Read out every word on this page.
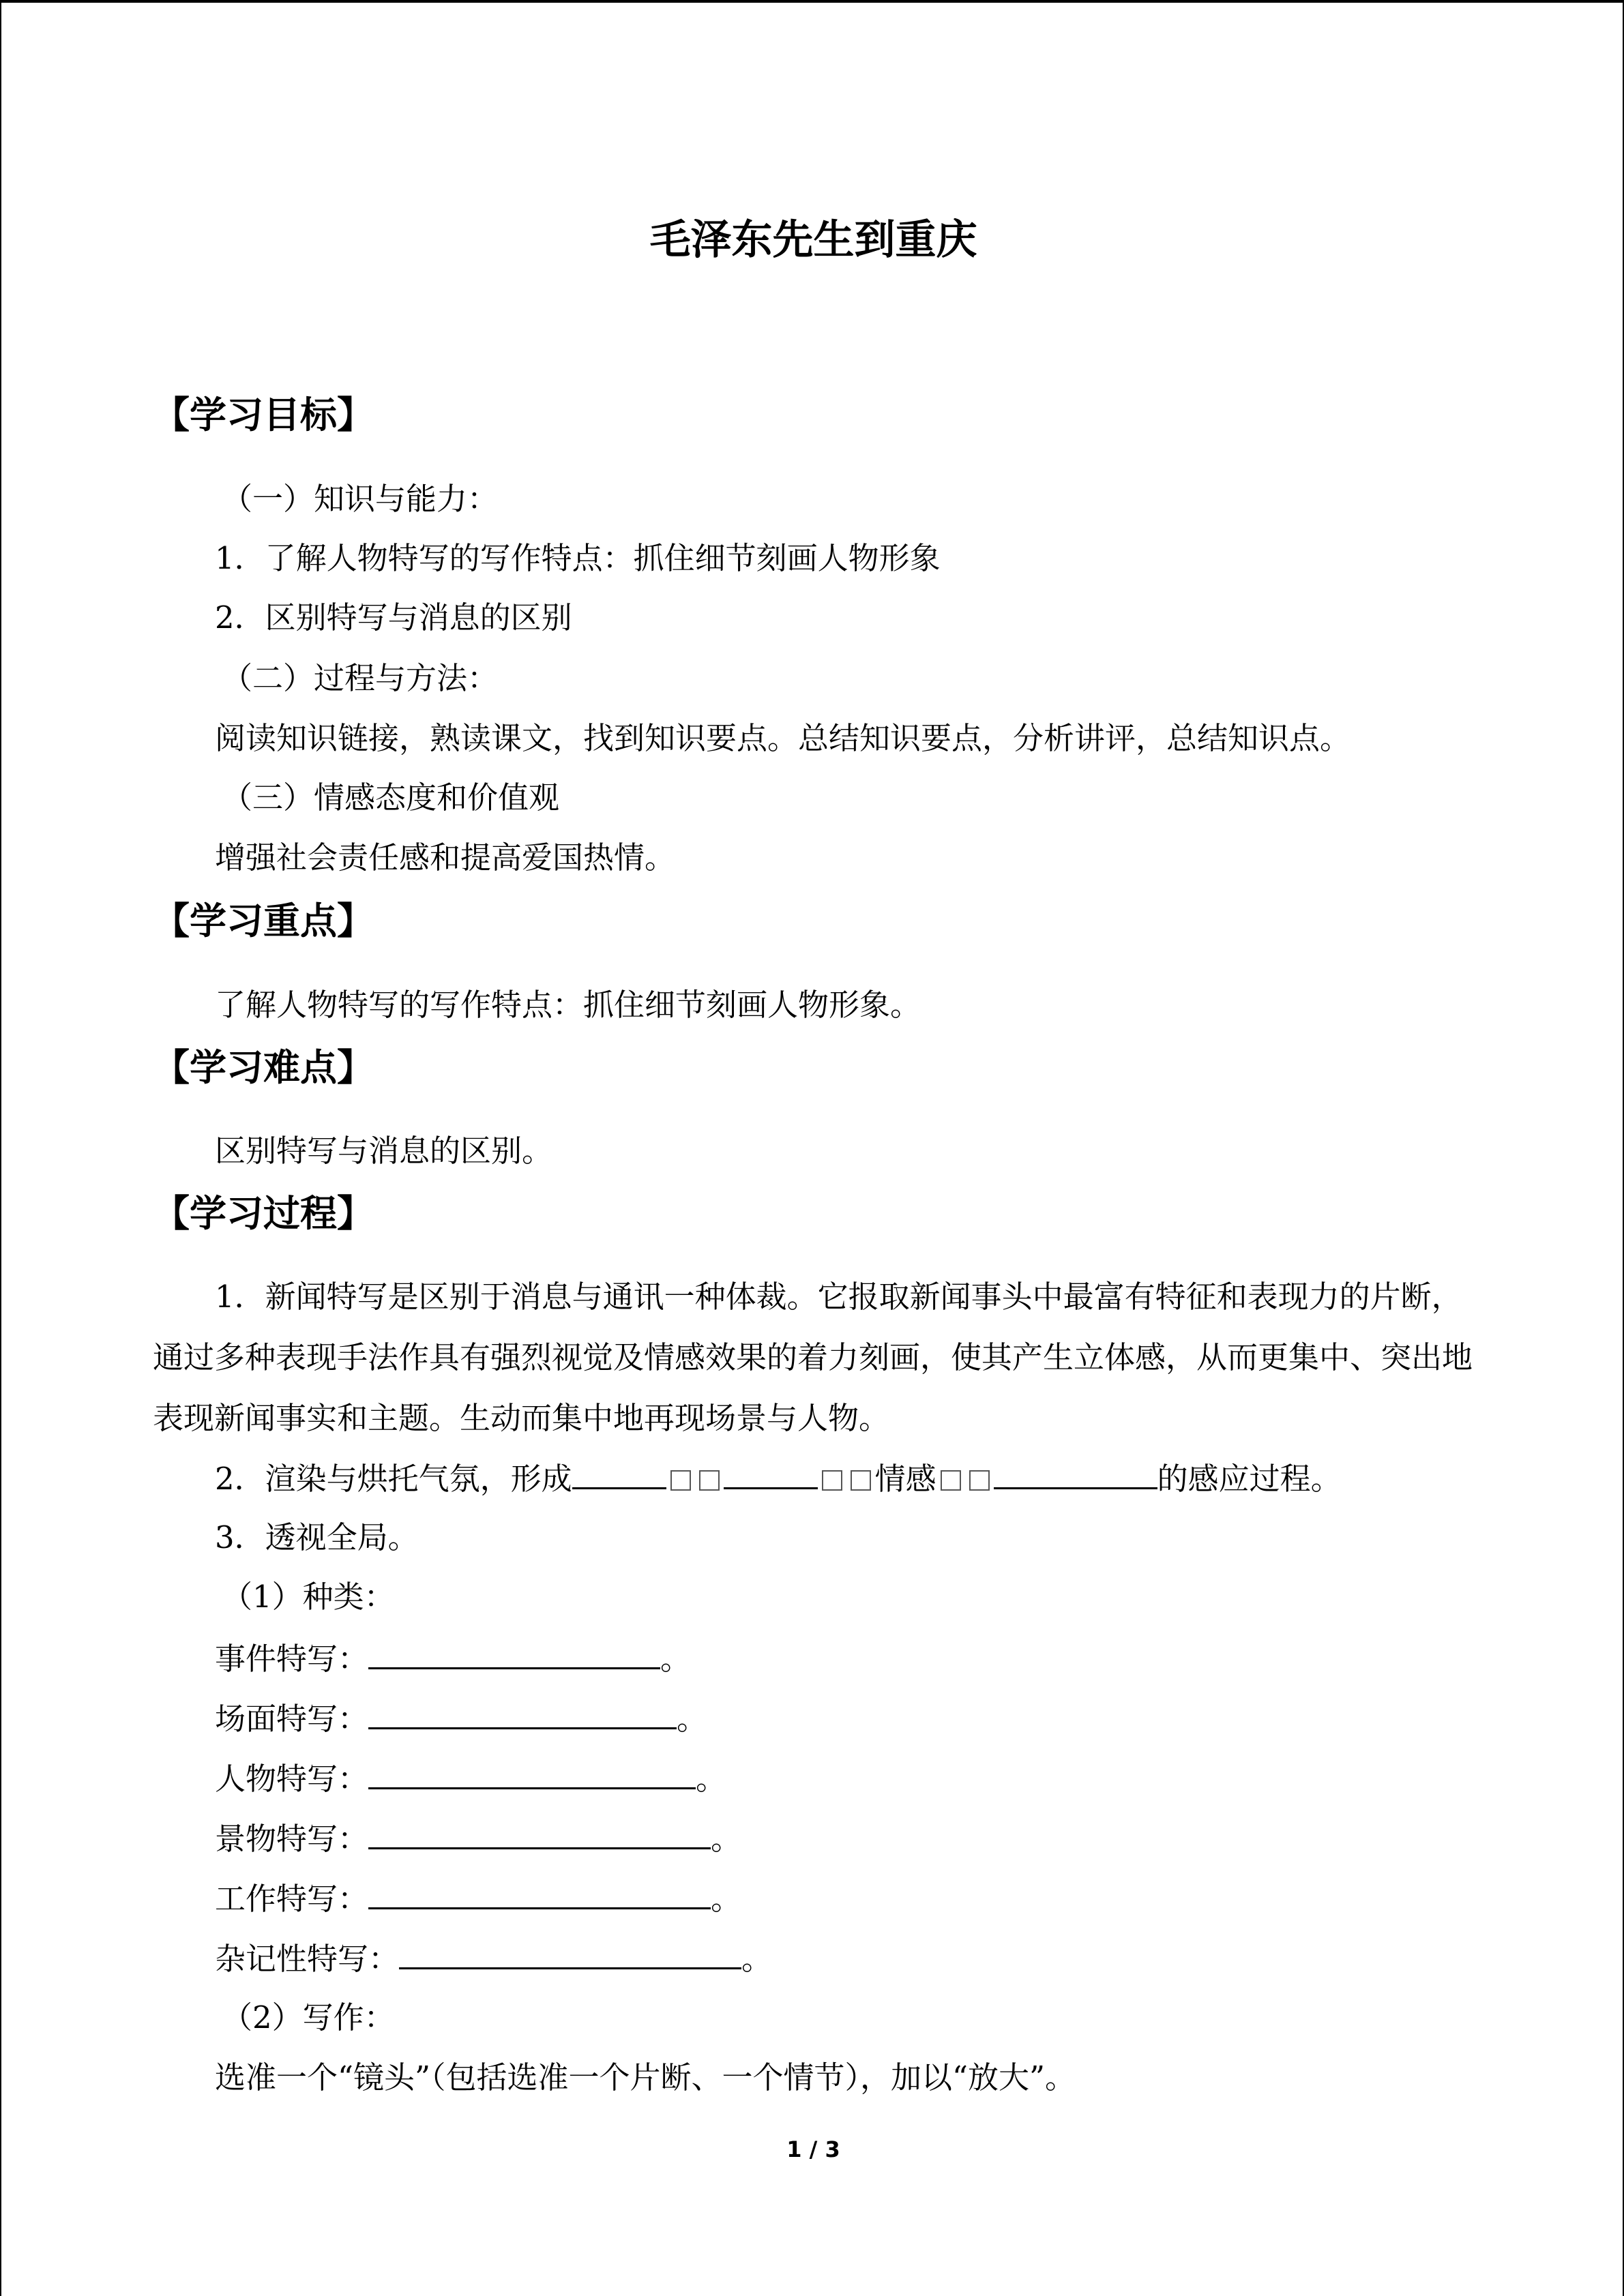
毛泽东先生到重庆
【学习目标】
（一）知识与能力：
1．了解人物特写的写作特点：抓住细节刻画人物形象
2．区别特写与消息的区别
（二）过程与方法：
阅读知识链接，熟读课文，找到知识要点。总结知识要点，分析讲评，总结知识点。
（三）情感态度和价值观
增强社会责任感和提高爱国热情。
【学习重点】
了解人物特写的写作特点：抓住细节刻画人物形象。
【学习难点】
区别特写与消息的区别。
【学习过程】
1．新闻特写是区别于消息与通讯一种体裁。它报取新闻事头中最富有特征和表现力的片断，通过多种表现手法作具有强烈视觉及情感效果的着力刻画，使其产生立体感，从而更集中、突出地表现新闻事实和主题。生动而集中地再现场景与人物。
2．渲染与烘托气氛，形成	情感	的感应过程。
3．透视全局。
（1）种类：
事件特写：	。
场面特写：	。
人物特写：	。
景物特写：	。
工作特写：	。
杂记性特写：	。
（2）写作：
选准一个“镜头”（包括选准一个片断、一个情节），加以“放大”。
1 / 3
